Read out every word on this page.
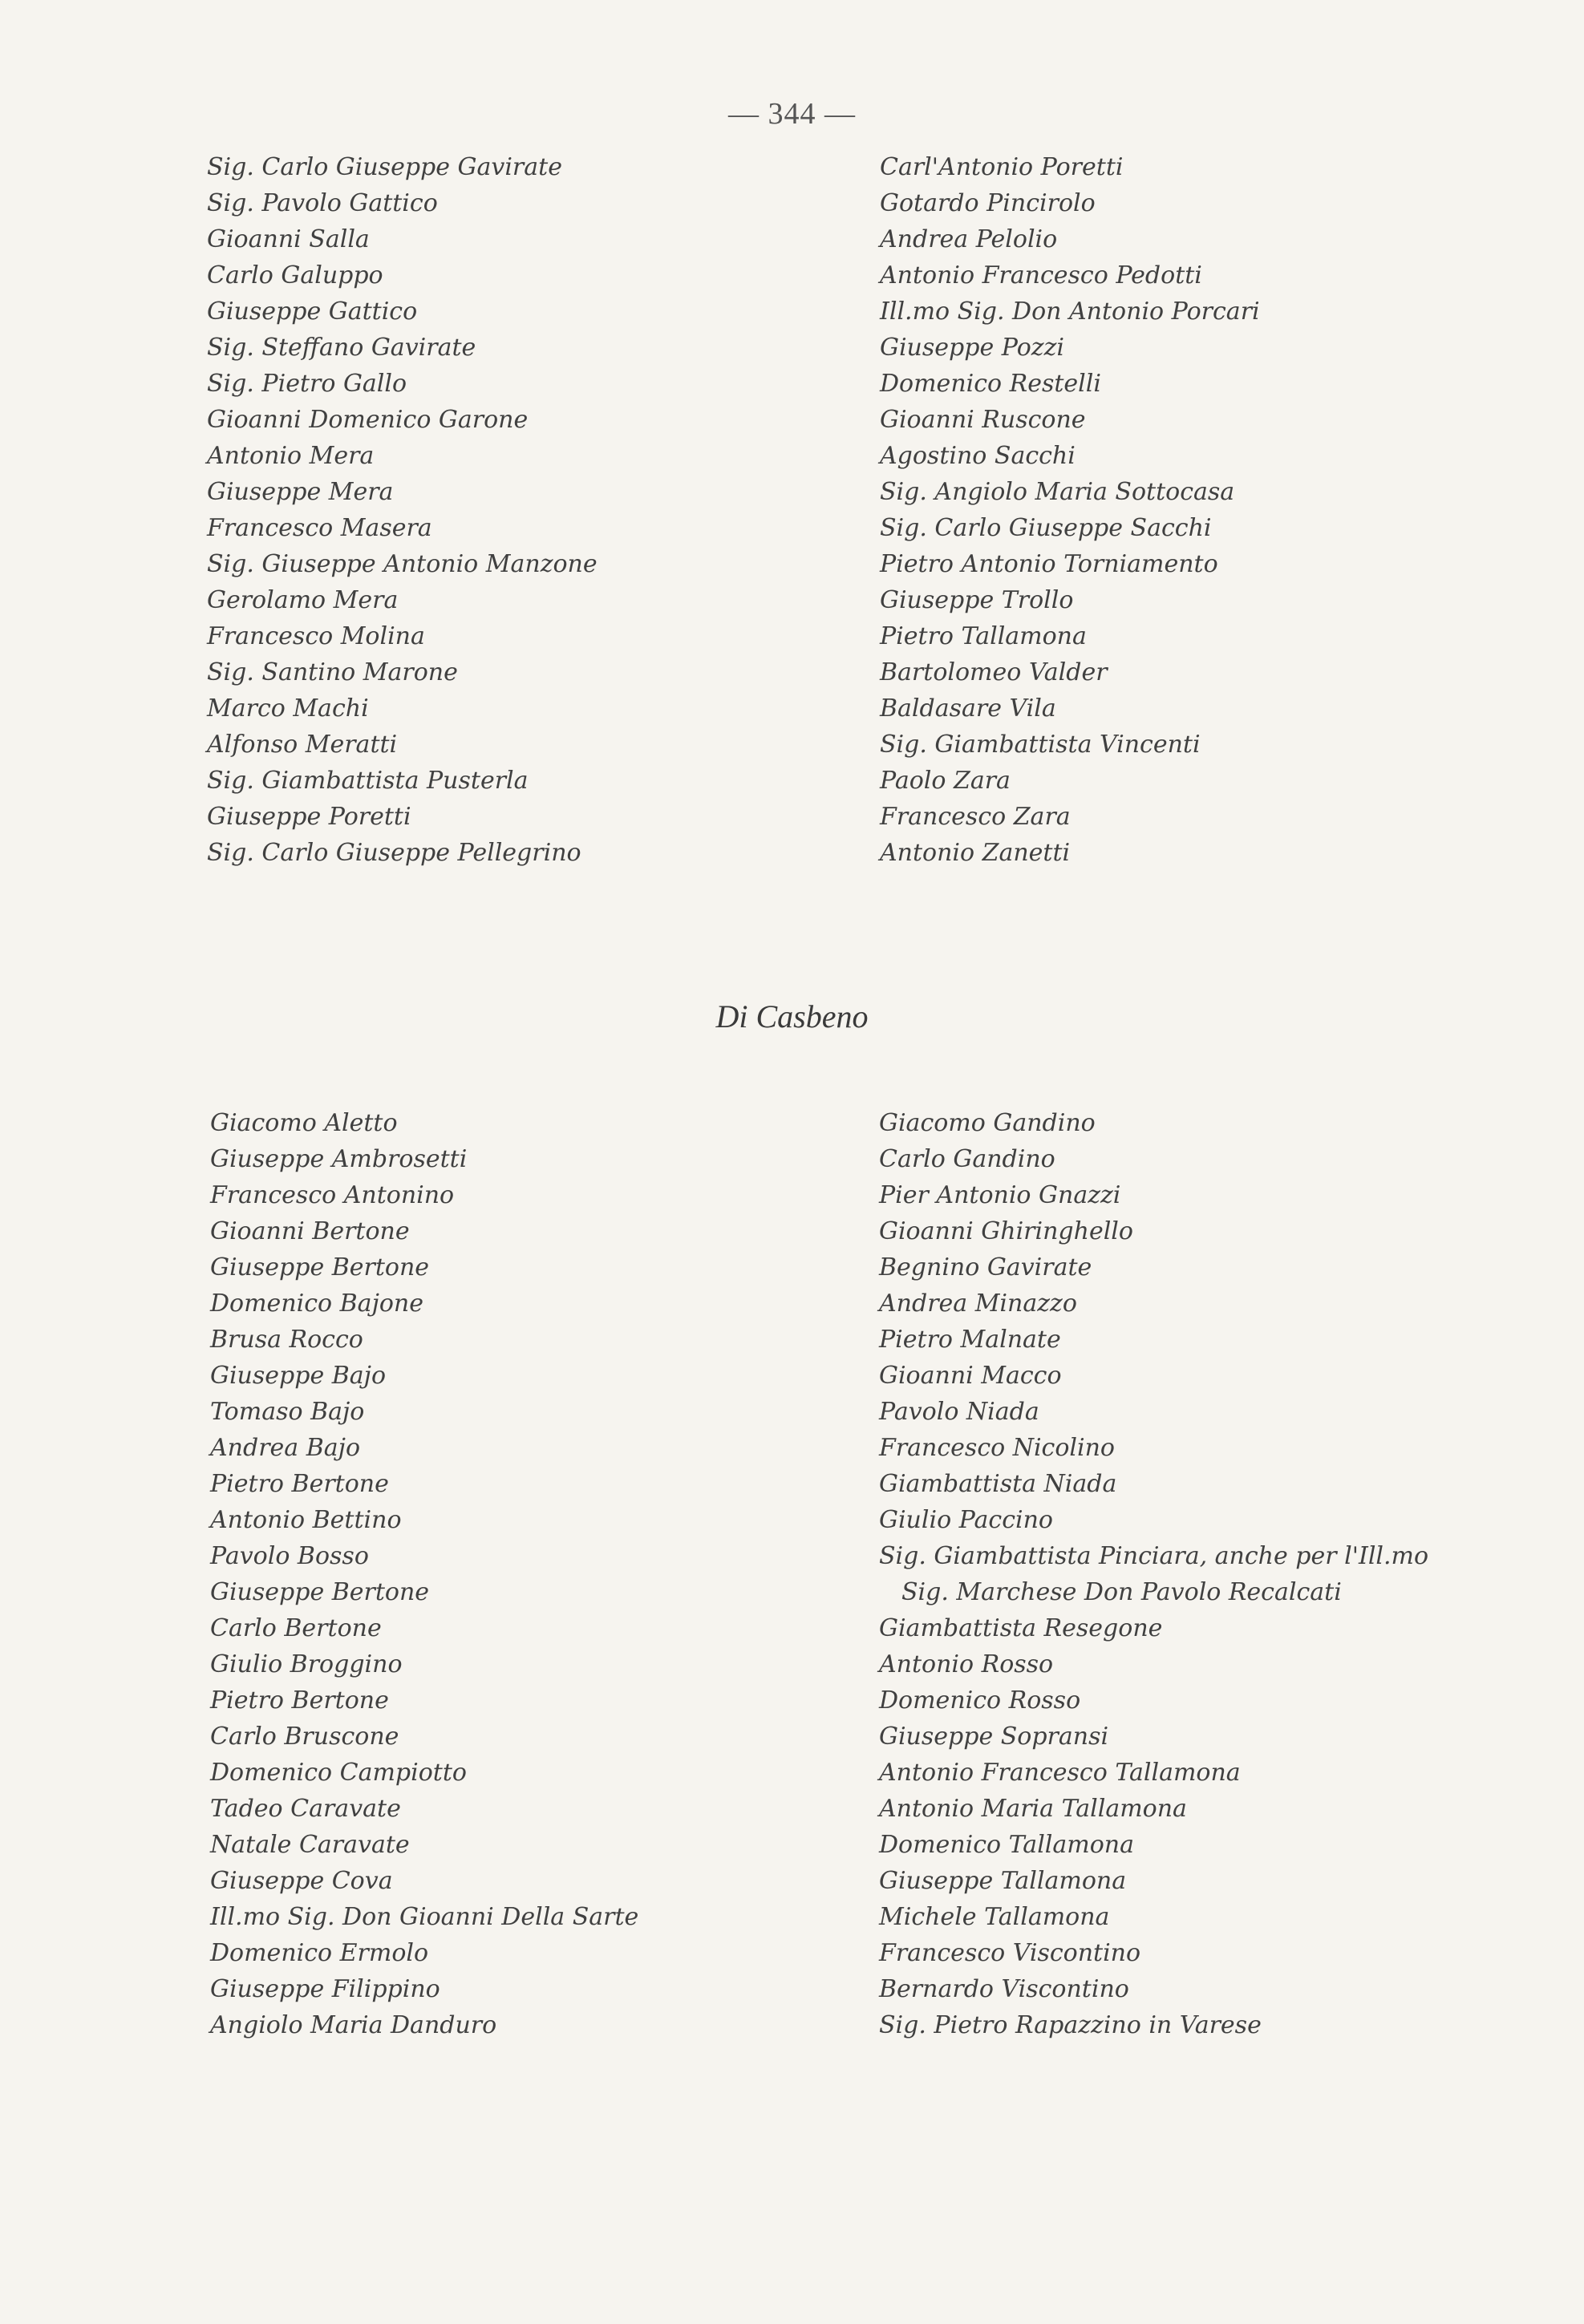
— 344 —
Sig. Carlo Giuseppe Gavirate
Sig. Pavolo Gattico
Gioanni Salla
Carlo Galuppo
Giuseppe Gattico
Sig. Steffano Gavirate
Sig. Pietro Gallo
Gioanni Domenico Garone
Antonio Mera
Giuseppe Mera
Francesco Masera
Sig. Giuseppe Antonio Manzone
Gerolamo Mera
Francesco Molina
Sig. Santino Marone
Marco Machi
Alfonso Meratti
Sig. Giambattista Pusterla
Giuseppe Poretti
Sig. Carlo Giuseppe Pellegrino
Carl'Antonio Poretti
Gotardo Pincirolo
Andrea Pelolio
Antonio Francesco Pedotti
Ill.mo Sig. Don Antonio Porcari
Giuseppe Pozzi
Domenico Restelli
Gioanni Ruscone
Agostino Sacchi
Sig. Angiolo Maria Sottocasa
Sig. Carlo Giuseppe Sacchi
Pietro Antonio Torniamento
Giuseppe Trollo
Pietro Tallamona
Bartolomeo Valder
Baldasare Vila
Sig. Giambattista Vincenti
Paolo Zara
Francesco Zara
Antonio Zanetti
Di Casbeno
Giacomo Aletto
Giuseppe Ambrosetti
Francesco Antonino
Gioanni Bertone
Giuseppe Bertone
Domenico Bajone
Brusa Rocco
Giuseppe Bajo
Tomaso Bajo
Andrea Bajo
Pietro Bertone
Antonio Bettino
Pavolo Bosso
Giuseppe Bertone
Carlo Bertone
Giulio Broggino
Pietro Bertone
Carlo Bruscone
Domenico Campiotto
Tadeo Caravate
Natale Caravate
Giuseppe Cova
Ill.mo Sig. Don Gioanni Della Sarte
Domenico Ermolo
Giuseppe Filippino
Angiolo Maria Danduro
Giacomo Gandino
Carlo Gandino
Pier Antonio Gnazzi
Gioanni Ghiringhello
Begnino Gavirate
Andrea Minazzo
Pietro Malnate
Gioanni Macco
Pavolo Niada
Francesco Nicolino
Giambattista Niada
Giulio Paccino
Sig. Giambattista Pinciara, anche per l'Ill.mo
Sig. Marchese Don Pavolo Recalcati
Giambattista Resegone
Antonio Rosso
Domenico Rosso
Giuseppe Sopransi
Antonio Francesco Tallamona
Antonio Maria Tallamona
Domenico Tallamona
Giuseppe Tallamona
Michele Tallamona
Francesco Viscontino
Bernardo Viscontino
Sig. Pietro Rapazzino in Varese
